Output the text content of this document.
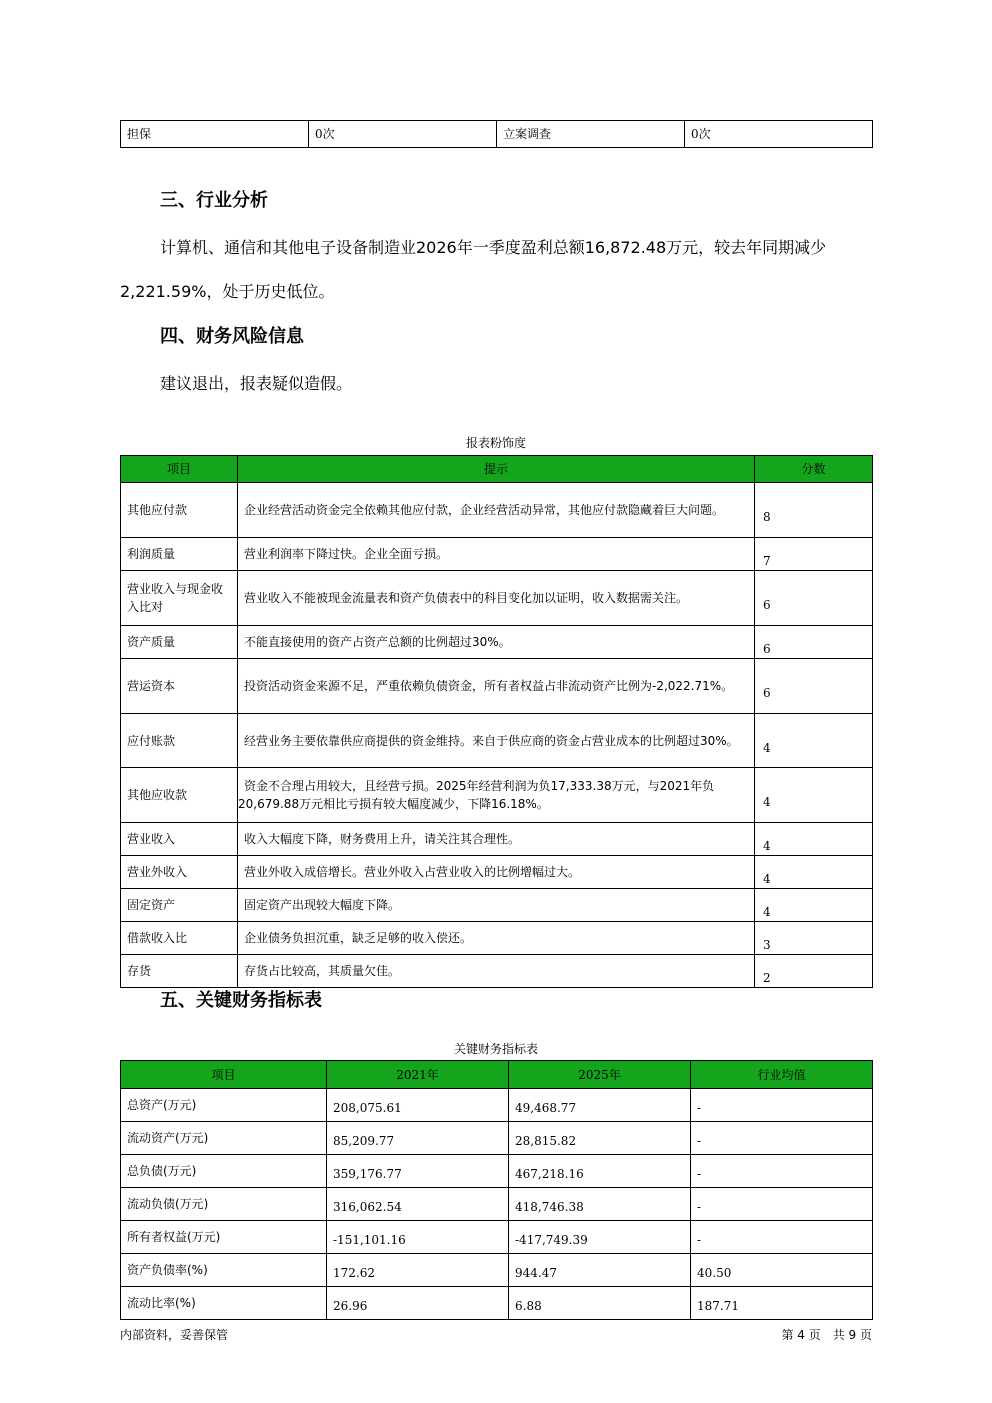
担保	0次	立案调查	0次
三、行业分析

计算机、通信和其他电子设备制造业2026年一季度盈利总额16,872.48万元，较去年同期减少2,221.59%，处于历史低位。

四、财务风险信息

建议退出，报表疑似造假。

报表粉饰度
项目	提示	分数
其他应付款	企业经营活动资金完全依赖其他应付款，企业经营活动异常，其他应付款隐藏着巨大问题。	8
利润质量	营业利润率下降过快。企业全面亏损。	7
营业收入与现金收入比对	营业收入不能被现金流量表和资产负债表中的科目变化加以证明，收入数据需关注。	6
资产质量	不能直接使用的资产占资产总额的比例超过30%。	6
营运资本	投资活动资金来源不足，严重依赖负债资金，所有者权益占非流动资产比例为-2,022.71%。	6
应付账款	经营业务主要依靠供应商提供的资金维持。来自于供应商的资金占营业成本的比例超过30%。	4
其他应收款	资金不合理占用较大，且经营亏损。2025年经营利润为负17,333.38万元，与2021年负20,679.88万元相比亏损有较大幅度减少，下降16.18%。	4
营业收入	收入大幅度下降，财务费用上升，请关注其合理性。	4
营业外收入	营业外收入成倍增长。营业外收入占营业收入的比例增幅过大。	4
固定资产	固定资产出现较大幅度下降。	4
借款收入比	企业债务负担沉重，缺乏足够的收入偿还。	3
存货	存货占比较高，其质量欠佳。	2
五、关键财务指标表
关键财务指标表
项目	2021年	2025年	行业均值
总资产(万元)	208,075.61	49,468.77	-
流动资产(万元)	85,209.77	28,815.82	-
总负债(万元)	359,176.77	467,218.16	-
流动负债(万元)	316,062.54	418,746.38	-
所有者权益(万元)	-151,101.16	-417,749.39	-
资产负债率(%)	172.62	944.47	40.50
流动比率(%)	26.96	6.88	187.71
内部资料，妥善保管	第 4 页　共 9 页
